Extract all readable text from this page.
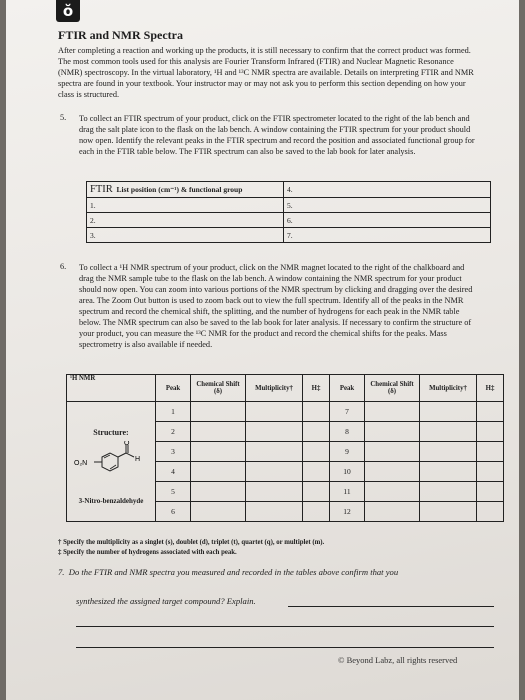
ŏ
FTIR and NMR Spectra

After completing a reaction and working up the products, it is still necessary to confirm that the correct product was formed. The most common tools used for this analysis are Fourier Transform Infrared (FTIR) and Nuclear Magnetic Resonance (NMR) spectroscopy. In the virtual laboratory, ¹H and ¹³C NMR spectra are available. Details on interpreting FTIR and NMR spectra are found in your textbook. Your instructor may or may not ask you to perform this section depending on how your class is structured.

5. To collect an FTIR spectrum of your product, click on the FTIR spectrometer located to the right of the lab bench and drag the salt plate icon to the flask on the lab bench. A window containing the FTIR spectrum for your product should now open. Identify the relevant peaks in the FTIR spectrum and record the position and associated functional group for each in the FTIR table below. The FTIR spectrum can also be saved to the lab book for later analysis.

FTIR List position (cm⁻¹) & functional group	4.
1.	5.
2.	6.
3.	7.
6. To collect a ¹H NMR spectrum of your product, click on the NMR magnet located to the right of the chalkboard and drag the NMR sample tube to the flask on the lab bench. A window containing the NMR spectrum for your product should now open. You can zoom into various portions of the NMR spectrum by clicking and dragging over the desired area. The Zoom Out button is used to zoom back out to view the full spectrum. Identify all of the peaks in the NMR spectrum and record the chemical shift, the splitting, and the number of hydrogens for each peak in the NMR table below. The NMR spectrum can also be saved to the lab book for later analysis. If necessary to confirm the structure of your product, you can measure the ¹³C NMR for the product and record the chemical shifts for the peaks. Mass spectrometry is also available if needed.

¹H NMR	Peak	Chemical Shift (δ)	Multiplicity†	H‡	Peak	Chemical Shift (δ)	Multiplicity†	H‡

Structure:
O₂N
O
H
3-Nitro-benzaldehyde	1				7			
	2				8			
	3				9			
	4				10			
	5				11			
	6				12			
† Specify the multiplicity as a singlet (s), doublet (d), triplet (t), quartet (q), or multiplet (m).
‡ Specify the number of hydrogens associated with each peak.
7. Do the FTIR and NMR spectra you measured and recorded in the tables above confirm that you
synthesized the assigned target compound? Explain.
© Beyond Labz, all rights reserved
